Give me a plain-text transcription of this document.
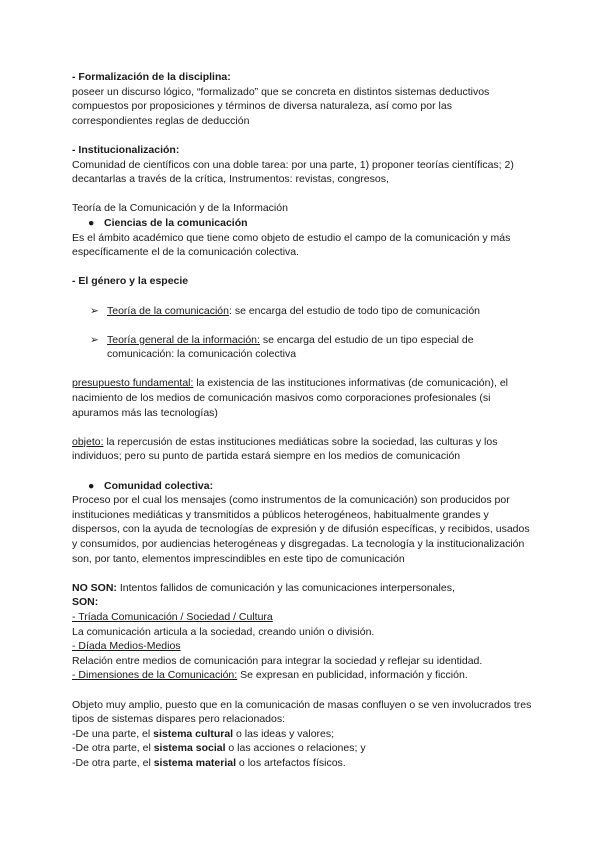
- Formalización de la disciplina:

poseer un discurso lógico, “formalizado” que se concreta en distintos sistemas deductivos compuestos por proposiciones y términos de diversa naturaleza, así como por las correspondientes reglas de deducción

- Institucionalización:

Comunidad de científicos con una doble tarea: por una parte, 1) proponer teorías científicas; 2) decantarlas a través de la crítica, Instrumentos: revistas, congresos,

Teoría de la Comunicación y de la Información

● Ciencias de la comunicación

Es el ámbito académico que tiene como objeto de estudio el campo de la comunicación y más específicamente el de la comunicación colectiva.

- El género y la especie

➢ Teoría de la comunicación: se encarga del estudio de todo tipo de comunicación

➢ Teoría general de la información: se encarga del estudio de un tipo especial de comunicación: la comunicación colectiva

presupuesto fundamental: la existencia de las instituciones informativas (de comunicación), el nacimiento de los medios de comunicación masivos como corporaciones profesionales (si apuramos más las tecnologías)

objeto: la repercusión de estas instituciones mediáticas sobre la sociedad, las culturas y los individuos; pero su punto de partida estará siempre en los medios de comunicación

● Comunidad colectiva:

Proceso por el cual los mensajes (como instrumentos de la comunicación) son producidos por instituciones mediáticas y transmitidos a públicos heterogéneos, habitualmente grandes y dispersos, con la ayuda de tecnologías de expresión y de difusión específicas, y recibidos, usados y consumidos, por audiencias heterogéneas y disgregadas. La tecnología y la institucionalización son, por tanto, elementos imprescindibles en este tipo de comunicación

NO SON: Intentos fallidos de comunicación y las comunicaciones interpersonales,

SON:

- Tríada Comunicación / Sociedad / Cultura

La comunicación articula a la sociedad, creando unión o división.

- Díada Medios-Medios

Relación entre medios de comunicación para integrar la sociedad y reflejar su identidad.

- Dimensiones de la Comunicación: Se expresan en publicidad, información y ficción.

Objeto muy amplio, puesto que en la comunicación de masas confluyen o se ven involucrados tres tipos de sistemas dispares pero relacionados:

-De una parte, el sistema cultural o las ideas y valores;

-De otra parte, el sistema social o las acciones o relaciones; y

-De otra parte, el sistema material o los artefactos físicos.
